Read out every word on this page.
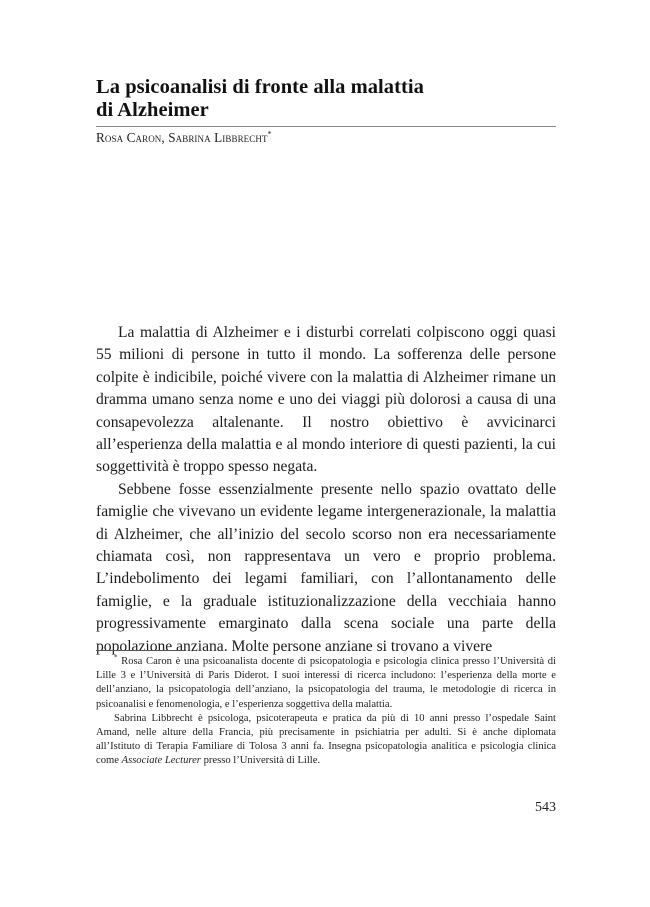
La psicoanalisi di fronte alla malattia
di Alzheimer
Rosa Caron, Sabrina Libbrecht*

La malattia di Alzheimer e i disturbi correlati colpiscono oggi quasi 55 milioni di persone in tutto il mondo. La sofferenza delle persone colpite è indicibile, poiché vivere con la malattia di Alzheimer rimane un dramma umano senza nome e uno dei viaggi più dolorosi a causa di una consapevolezza altalenante. Il nostro obiettivo è avvicinarci all’esperienza della malattia e al mondo interiore di questi pazienti, la cui soggettività è troppo spesso negata.

Sebbene fosse essenzialmente presente nello spazio ovattato delle famiglie che vivevano un evidente legame intergenerazionale, la malattia di Alzheimer, che all’inizio del secolo scorso non era necessariamente chiamata così, non rappresentava un vero e proprio problema. L’indebolimento dei legami familiari, con l’allontanamento delle famiglie, e la graduale istituzionalizzazione della vecchiaia hanno progressivamente emarginato dalla scena sociale una parte della popolazione anziana. Molte persone anziane si trovano a vivere

* Rosa Caron è una psicoanalista docente di psicopatologia e psicologia clinica presso l’Università di Lille 3 e l’Università di Paris Diderot. I suoi interessi di ricerca includono: l’esperienza della morte e dell’anziano, la psicopatologia dell’anziano, la psicopatologia del trauma, le metodologie di ricerca in psicoanalisi e fenomenologia, e l’esperienza soggettiva della malattia.

Sabrina Libbrecht è psicologa, psicoterapeuta e pratica da più di 10 anni presso l’ospedale Saint Amand, nelle alture della Francia, più precisamente in psichiatria per adulti. Si è anche diplomata all’Istituto di Terapia Familiare di Tolosa 3 anni fa. Insegna psicopatologia analitica e psicologia clinica come Associate Lecturer presso l’Università di Lille.

543
